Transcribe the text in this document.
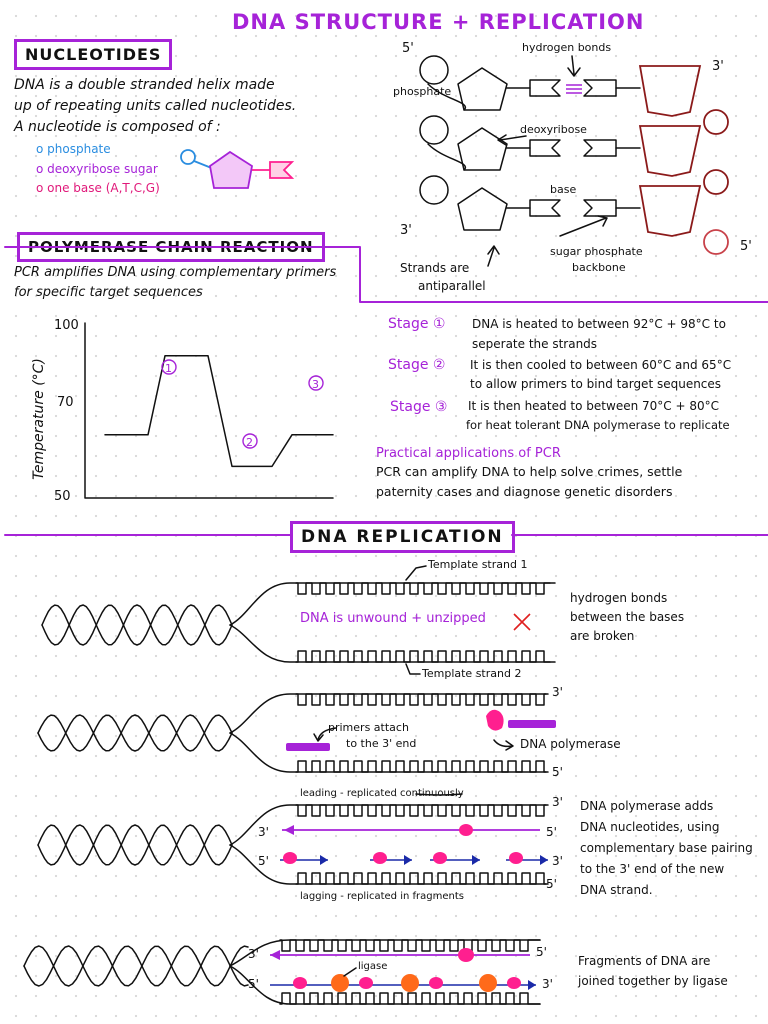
DNA STRUCTURE + REPLICATION
NUCLEOTIDES
DNA is a double stranded helix made
up of repeating units called nucleotides.
A nucleotide is composed of :
o phosphate
o deoxyribose sugar
o one base (A,T,C,G)
5'	hydrogen bonds
3'
phosphate
deoxyribose
base
3'
5'
sugar phosphate
backbone
Strands are
antiparallel
POLYMERASE CHAIN REACTION
PCR amplifies DNA using complementary primers
for specific target sequences
Temperature (°C)
100
70
50
1
2
3
Stage ① DNA is heated to between 92°C + 98°C to
seperate the strands
Stage ② It is then cooled to between 60°C and 65°C
to allow primers to bind target sequences
Stage ③ It is then heated to between 70°C + 80°C
for heat tolerant DNA polymerase to replicate
Practical applications of PCR
PCR can amplify DNA to help solve crimes, settle
paternity cases and diagnose genetic disorders
DNA REPLICATION
Template strand 1
DNA is unwound + unzipped
Template strand 2
hydrogen bonds
between the bases
are broken
3'
primers attach
to the 3' end	DNA polymerase
5'
leading - replicated continuously
3'
3'	5'
5'	3'
5'
lagging - replicated in fragments
DNA polymerase adds
DNA nucleotides, using
complementary base pairing
to the 3' end of the new
DNA strand.
3'	5'
ligase
5'	3'
Fragments of DNA are
joined together by ligase
